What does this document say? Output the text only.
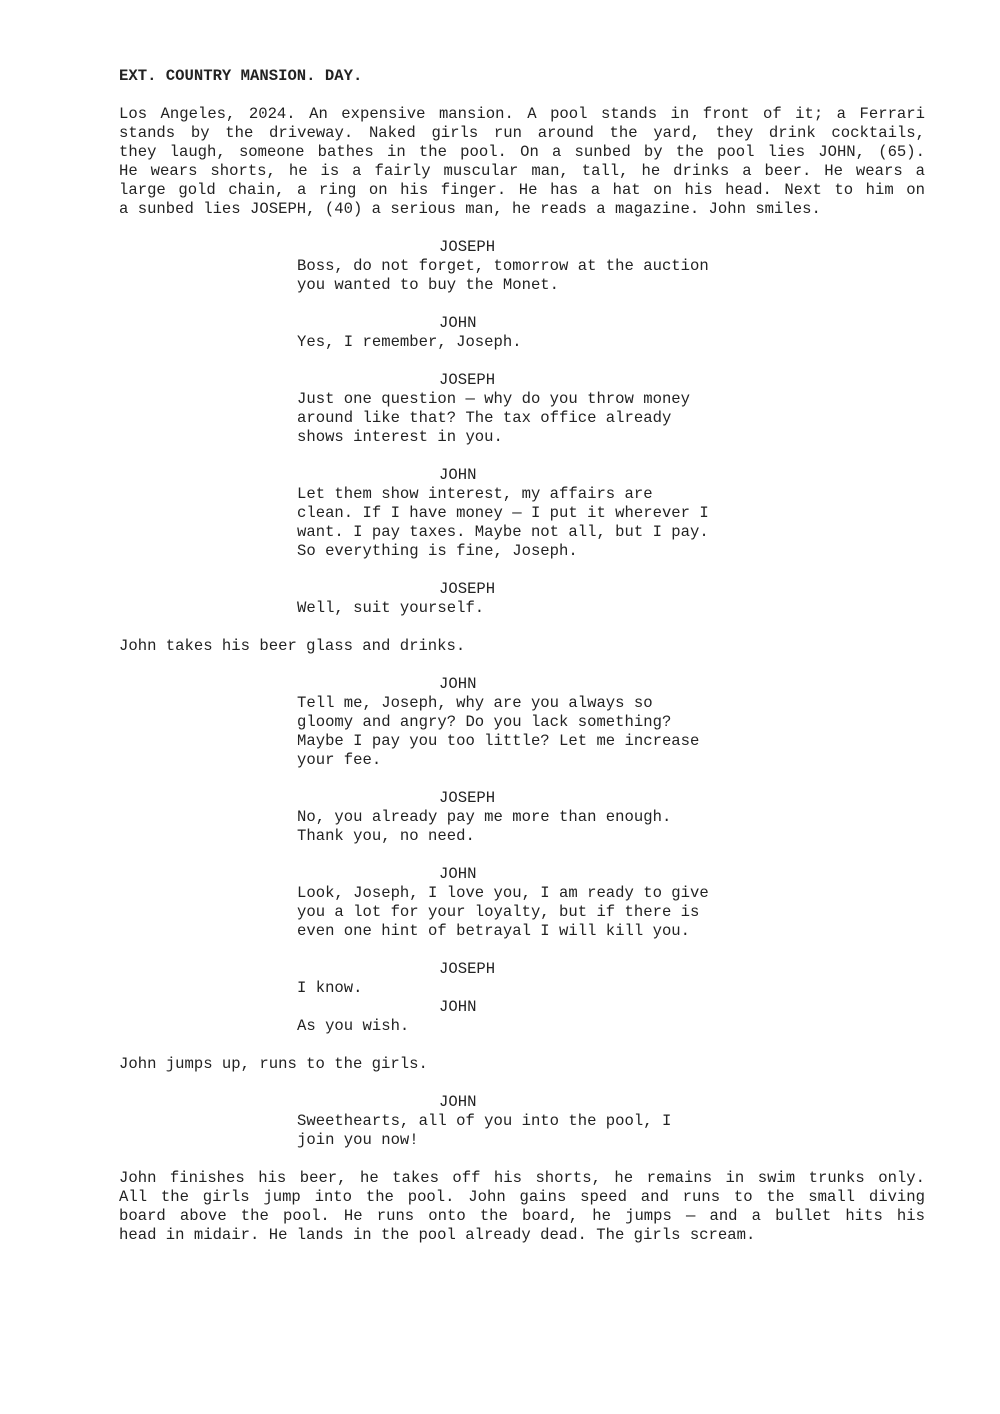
EXT. COUNTRY MANSION. DAY.
Los Angeles, 2024. An expensive mansion. A pool stands in front of it; a Ferrari
stands by the driveway. Naked girls run around the yard, they drink cocktails,
they laugh, someone bathes in the pool. On a sunbed by the pool lies JOHN, (65).
He wears shorts, he is a fairly muscular man, tall, he drinks a beer. He wears a
large gold chain, a ring on his finger. He has a hat on his head. Next to him on
a sunbed lies JOSEPH, (40) a serious man, he reads a magazine. John smiles.
JOSEPH
Boss, do not forget, tomorrow at the auction
you wanted to buy the Monet.
JOHN
Yes, I remember, Joseph.
JOSEPH
Just one question — why do you throw money
around like that? The tax office already
shows interest in you.
JOHN
Let them show interest, my affairs are
clean. If I have money — I put it wherever I
want. I pay taxes. Maybe not all, but I pay.
So everything is fine, Joseph.
JOSEPH
Well, suit yourself.
John takes his beer glass and drinks.
JOHN
Tell me, Joseph, why are you always so
gloomy and angry? Do you lack something?
Maybe I pay you too little? Let me increase
your fee.
JOSEPH
No, you already pay me more than enough.
Thank you, no need.
JOHN
Look, Joseph, I love you, I am ready to give
you a lot for your loyalty, but if there is
even one hint of betrayal I will kill you.
JOSEPH
I know.
JOHN
As you wish.
John jumps up, runs to the girls.
JOHN
Sweethearts, all of you into the pool, I
join you now!
John finishes his beer, he takes off his shorts, he remains in swim trunks only.
All the girls jump into the pool. John gains speed and runs to the small diving
board above the pool. He runs onto the board, he jumps — and a bullet hits his
head in midair. He lands in the pool already dead. The girls scream.
